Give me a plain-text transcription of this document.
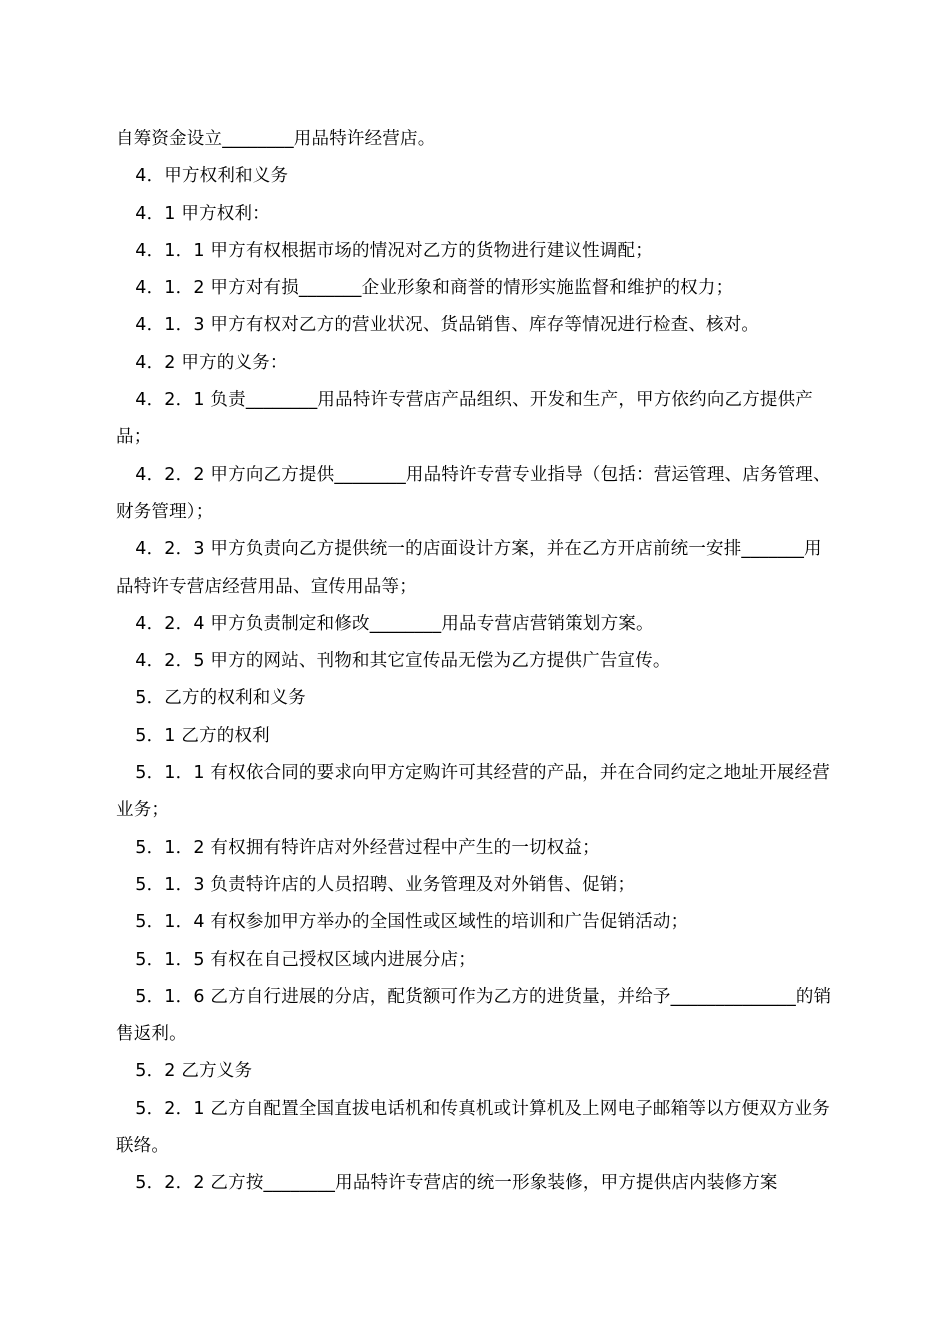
自筹资金设立________用品特许经营店。

4．甲方权利和义务

4．1 甲方权利：

4．1．1 甲方有权根据市场的情况对乙方的货物进行建议性调配；

4．1．2 甲方对有损_______企业形象和商誉的情形实施监督和维护的权力；

4．1．3 甲方有权对乙方的营业状况、货品销售、库存等情况进行检查、核对。

4．2 甲方的义务：

4．2．1 负责________用品特许专营店产品组织、开发和生产，甲方依约向乙方提供产品；

4．2．2 甲方向乙方提供________用品特许专营专业指导（包括：营运管理、店务管理、财务管理）；

4．2．3 甲方负责向乙方提供统一的店面设计方案，并在乙方开店前统一安排_______用品特许专营店经营用品、宣传用品等；

4．2．4 甲方负责制定和修改________用品专营店营销策划方案。

4．2．5 甲方的网站、刊物和其它宣传品无偿为乙方提供广告宣传。

5．乙方的权利和义务

5．1 乙方的权利

5．1．1 有权依合同的要求向甲方定购许可其经营的产品，并在合同约定之地址开展经营业务；

5．1．2 有权拥有特许店对外经营过程中产生的一切权益；

5．1．3 负责特许店的人员招聘、业务管理及对外销售、促销；

5．1．4 有权参加甲方举办的全国性或区域性的培训和广告促销活动；

5．1．5 有权在自己授权区域内进展分店；

5．1．6 乙方自行进展的分店，配货额可作为乙方的进货量，并给予______________的销售返利。

5．2 乙方义务

5．2．1 乙方自配置全国直拔电话机和传真机或计算机及上网电子邮箱等以方便双方业务联络。

5．2．2 乙方按________用品特许专营店的统一形象装修，甲方提供店内装修方案
